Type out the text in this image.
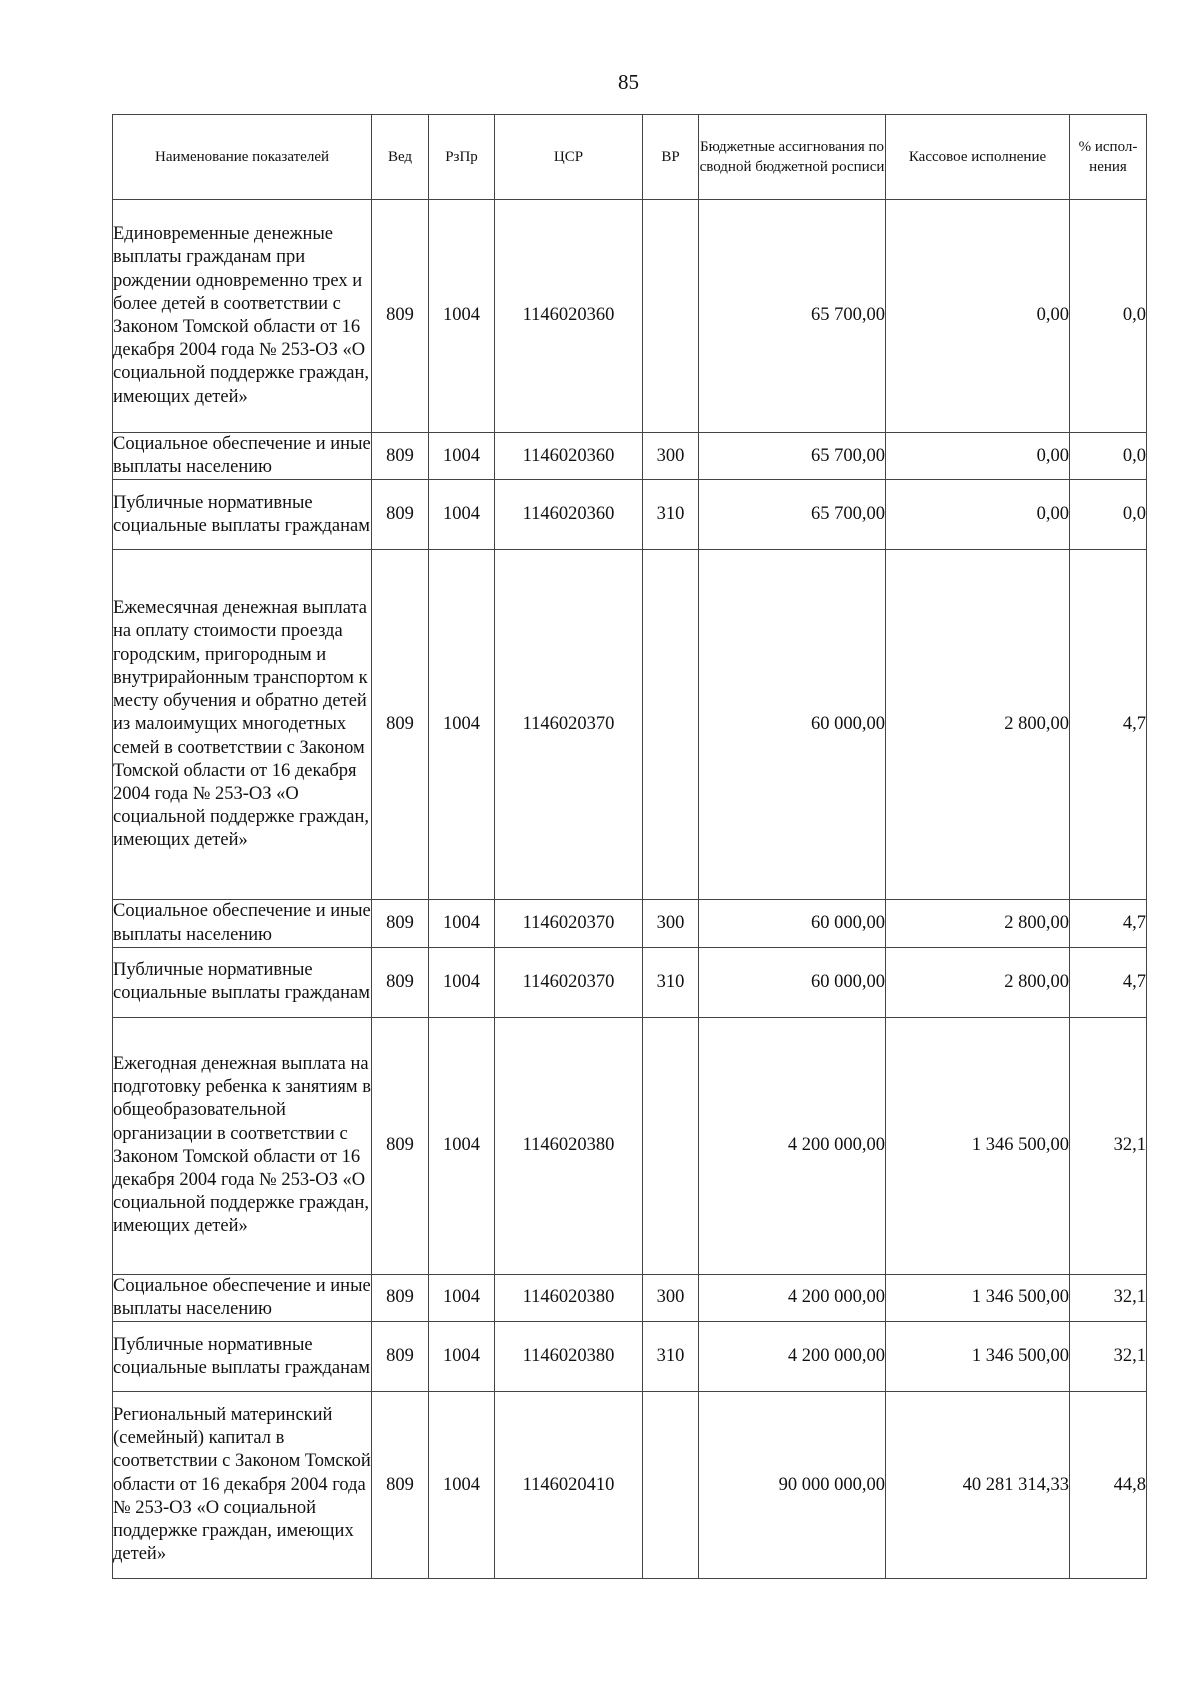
85
Наименование показателей	Вед	РзПр	ЦСР	ВР	Бюджетные ассигнования по сводной бюджетной росписи	Кассовое исполнение	% испол-нения
Единовременные денежные выплаты гражданам при рождении одновременно трех и более детей в соответствии с Законом Томской области от 16 декабря 2004 года № 253-ОЗ «О социальной поддержке граждан, имеющих детей»	809	1004	1146020360		65 700,00	0,00	0,0
Социальное обеспечение и иные выплаты населению	809	1004	1146020360	300	65 700,00	0,00	0,0
Публичные нормативные социальные выплаты гражданам	809	1004	1146020360	310	65 700,00	0,00	0,0
Ежемесячная денежная выплата на оплату стоимости проезда городским, пригородным и внутрирайонным транспортом к месту обучения и обратно детей из малоимущих многодетных семей в соответствии с Законом Томской области от 16 декабря 2004 года № 253-ОЗ «О социальной поддержке граждан, имеющих детей»	809	1004	1146020370		60 000,00	2 800,00	4,7
Социальное обеспечение и иные выплаты населению	809	1004	1146020370	300	60 000,00	2 800,00	4,7
Публичные нормативные социальные выплаты гражданам	809	1004	1146020370	310	60 000,00	2 800,00	4,7
Ежегодная денежная выплата на подготовку ребенка к занятиям в общеобразовательной организации в соответствии с Законом Томской области от 16 декабря 2004 года № 253-ОЗ «О социальной поддержке граждан, имеющих детей»	809	1004	1146020380		4 200 000,00	1 346 500,00	32,1
Социальное обеспечение и иные выплаты населению	809	1004	1146020380	300	4 200 000,00	1 346 500,00	32,1
Публичные нормативные социальные выплаты гражданам	809	1004	1146020380	310	4 200 000,00	1 346 500,00	32,1
Региональный материнский (семейный) капитал в соответствии с Законом Томской области от 16 декабря 2004 года № 253-ОЗ «О социальной поддержке граждан, имеющих детей»	809	1004	1146020410		90 000 000,00	40 281 314,33	44,8
